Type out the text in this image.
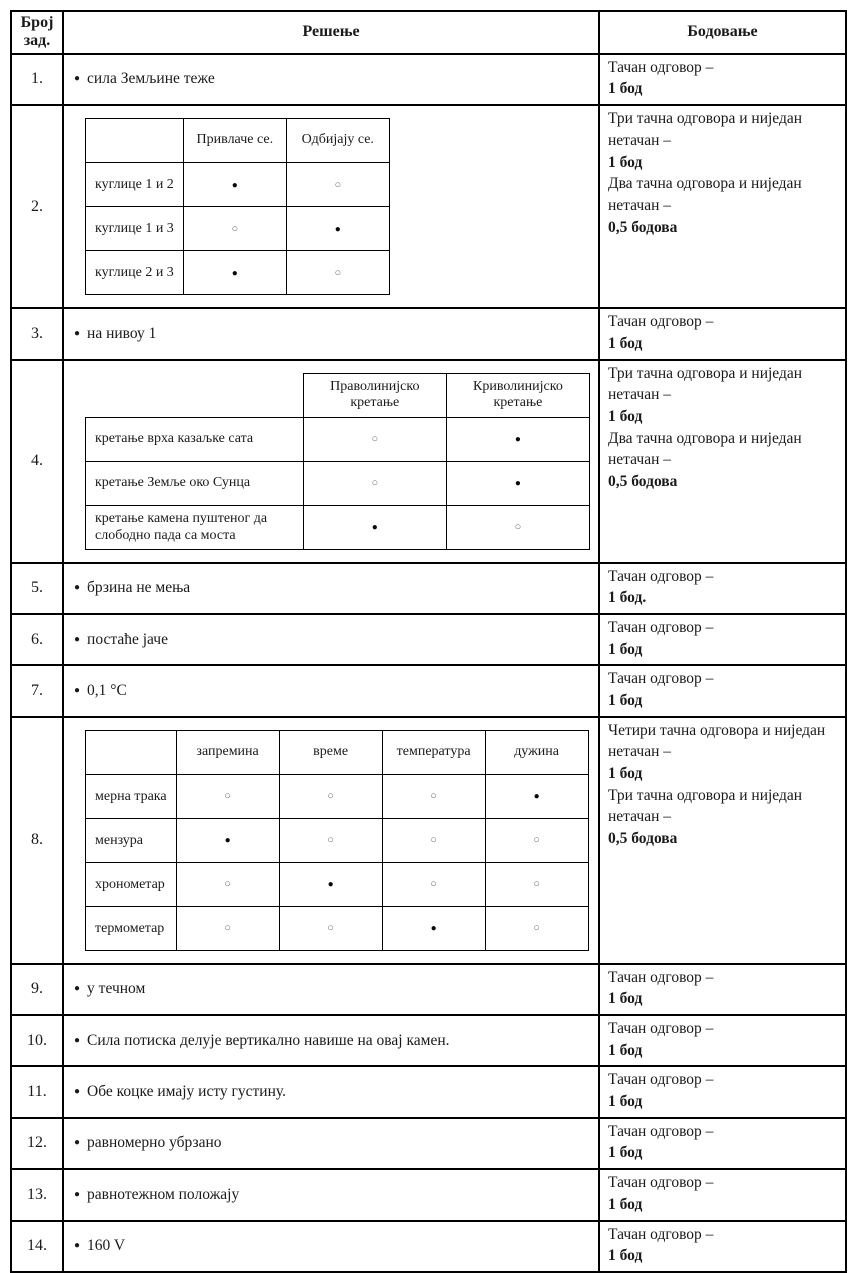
Број зад.	Решење	Бодовање
1.	● сила Земљине теже

Тачан одговор –
1 бод

2.	
	Привлаче се.	Одбијају се.
куглице 1 и 2	●	○
куглице 1 и 3	○	●
куглице 2 и 3	●	○

Три тачна одговора и ниједан нетачан –
1 бод
Два тачна одговора и ниједан нетачан –
0,5 бодова

3.	● на нивоу 1

Тачан одговор –
1 бод

4.	
	Праволинијско кретање	Криволинијско кретање
кретање врха казаљке сата	○	●
кретање Земље око Сунца	○	●
кретање камена пуштеног да слободно пада са моста	●	○

Три тачна одговора и ниједан нетачан –
1 бод
Два тачна одговора и ниједан нетачан –
0,5 бодова

5.	● брзина не мења

Тачан одговор –
1 бод.

6.	● постаће јаче

Тачан одговор –
1 бод

7.	● 0,1 °C

Тачан одговор –
1 бод

8.	
	запремина	време	температура	дужина
мерна трака	○	○	○	●
мензура	●	○	○	○
хронометар	○	●	○	○
термометар	○	○	●	○

Четири тачна одговора и ниједан нетачан –
1 бод
Три тачна одговора и ниједан нетачан –
0,5 бодова

9.	● у течном

Тачан одговор –
1 бод

10.	● Сила потиска делује вертикално навише на овај камен.

Тачан одговор –
1 бод

11.	● Обе коцке имају исту густину.

Тачан одговор –
1 бод

12.	● равномерно убрзано

Тачан одговор –
1 бод

13.	● равнотежном положају

Тачан одговор –
1 бод

14.	● 160 V

Тачан одговор –
1 бод
